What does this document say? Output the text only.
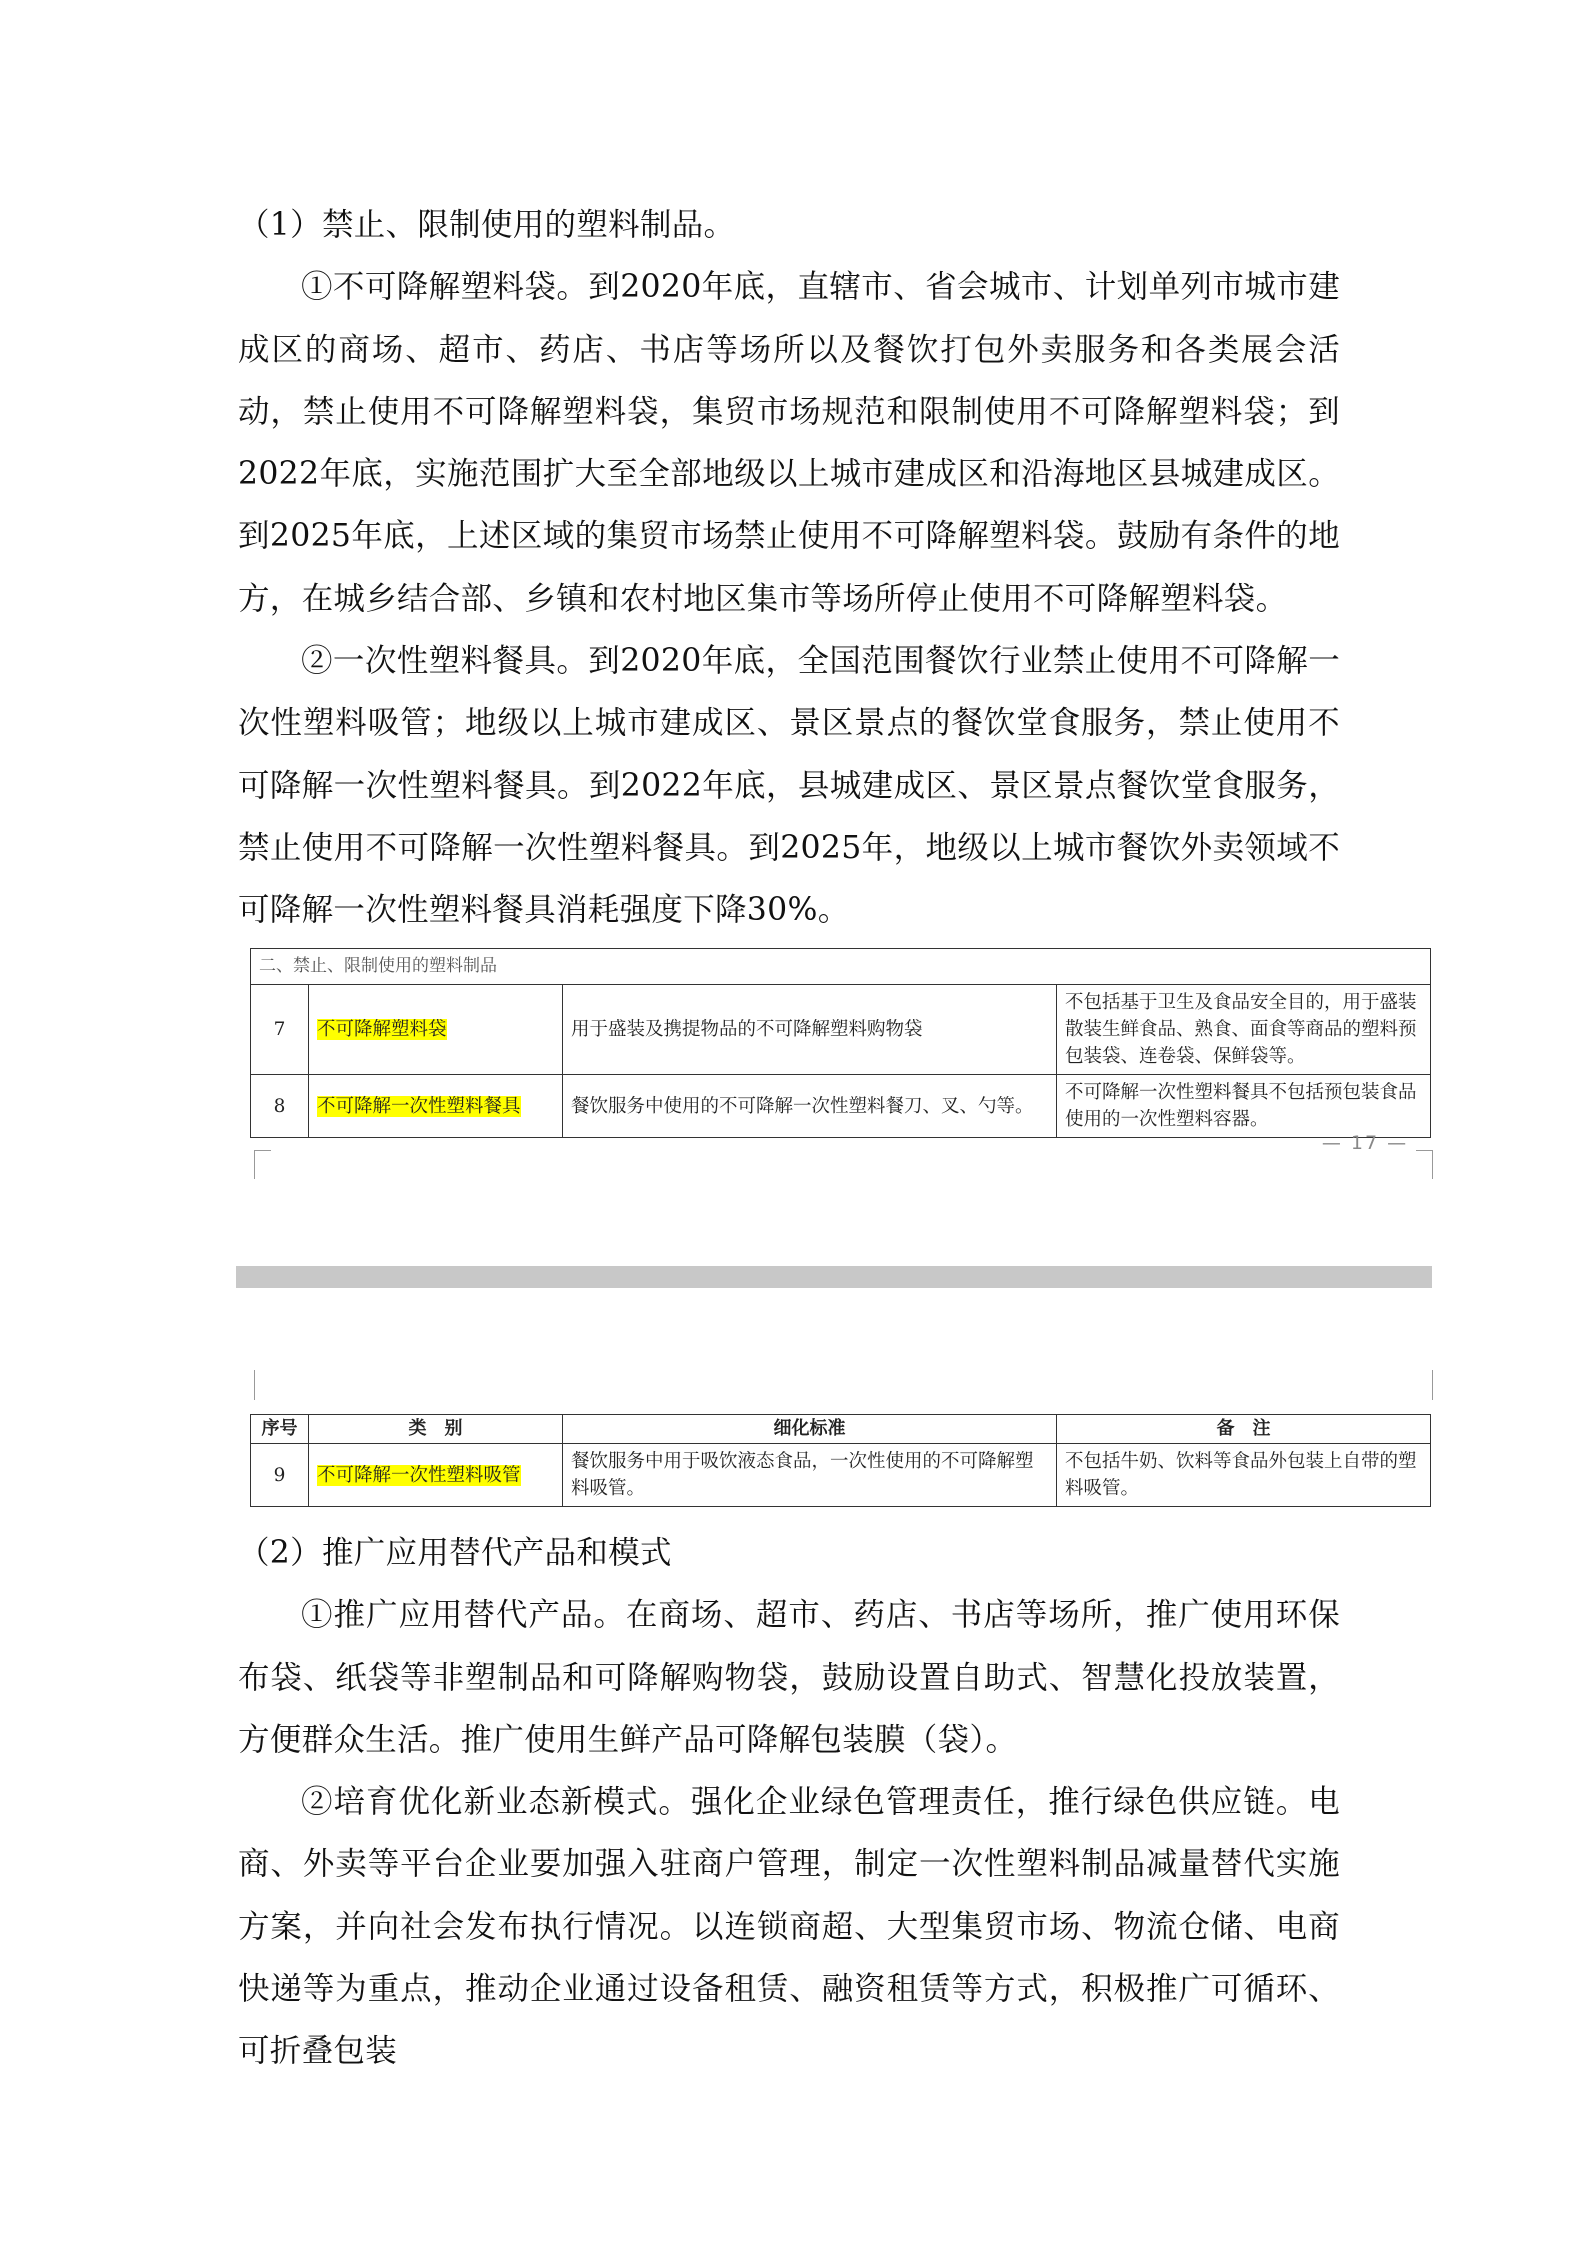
（1）禁止、限制使用的塑料制品。

①不可降解塑料袋。到2020年底，直辖市、省会城市、计划单列市城市建成区的商场、超市、药店、书店等场所以及餐饮打包外卖服务和各类展会活动，禁止使用不可降解塑料袋，集贸市场规范和限制使用不可降解塑料袋；到2022年底，实施范围扩大至全部地级以上城市建成区和沿海地区县城建成区。到2025年底，上述区域的集贸市场禁止使用不可降解塑料袋。鼓励有条件的地方，在城乡结合部、乡镇和农村地区集市等场所停止使用不可降解塑料袋。

②一次性塑料餐具。到2020年底，全国范围餐饮行业禁止使用不可降解一次性塑料吸管；地级以上城市建成区、景区景点的餐饮堂食服务，禁止使用不可降解一次性塑料餐具。到2022年底，县城建成区、景区景点餐饮堂食服务，禁止使用不可降解一次性塑料餐具。到2025年，地级以上城市餐饮外卖领域不可降解一次性塑料餐具消耗强度下降30%。

二、禁止、限制使用的塑料制品			
7	不可降解塑料袋	用于盛装及携提物品的不可降解塑料购物袋	不包括基于卫生及食品安全目的，用于盛装散装生鲜食品、熟食、面食等商品的塑料预包装袋、连卷袋、保鲜袋等。
8	不可降解一次性塑料餐具	餐饮服务中使用的不可降解一次性塑料餐刀、叉、勺等。	不可降解一次性塑料餐具不包括预包装食品使用的一次性塑料容器。
— 17 —
序号	类　别	细化标准	备　注
9	不可降解一次性塑料吸管	餐饮服务中用于吸饮液态食品，一次性使用的不可降解塑料吸管。	不包括牛奶、饮料等食品外包装上自带的塑料吸管。

（2）推广应用替代产品和模式

①推广应用替代产品。在商场、超市、药店、书店等场所，推广使用环保布袋、纸袋等非塑制品和可降解购物袋，鼓励设置自助式、智慧化投放装置，方便群众生活。推广使用生鲜产品可降解包装膜（袋）。

②培育优化新业态新模式。强化企业绿色管理责任，推行绿色供应链。电商、外卖等平台企业要加强入驻商户管理，制定一次性塑料制品减量替代实施方案，并向社会发布执行情况。以连锁商超、大型集贸市场、物流仓储、电商快递等为重点，推动企业通过设备租赁、融资租赁等方式，积极推广可循环、可折叠包装
